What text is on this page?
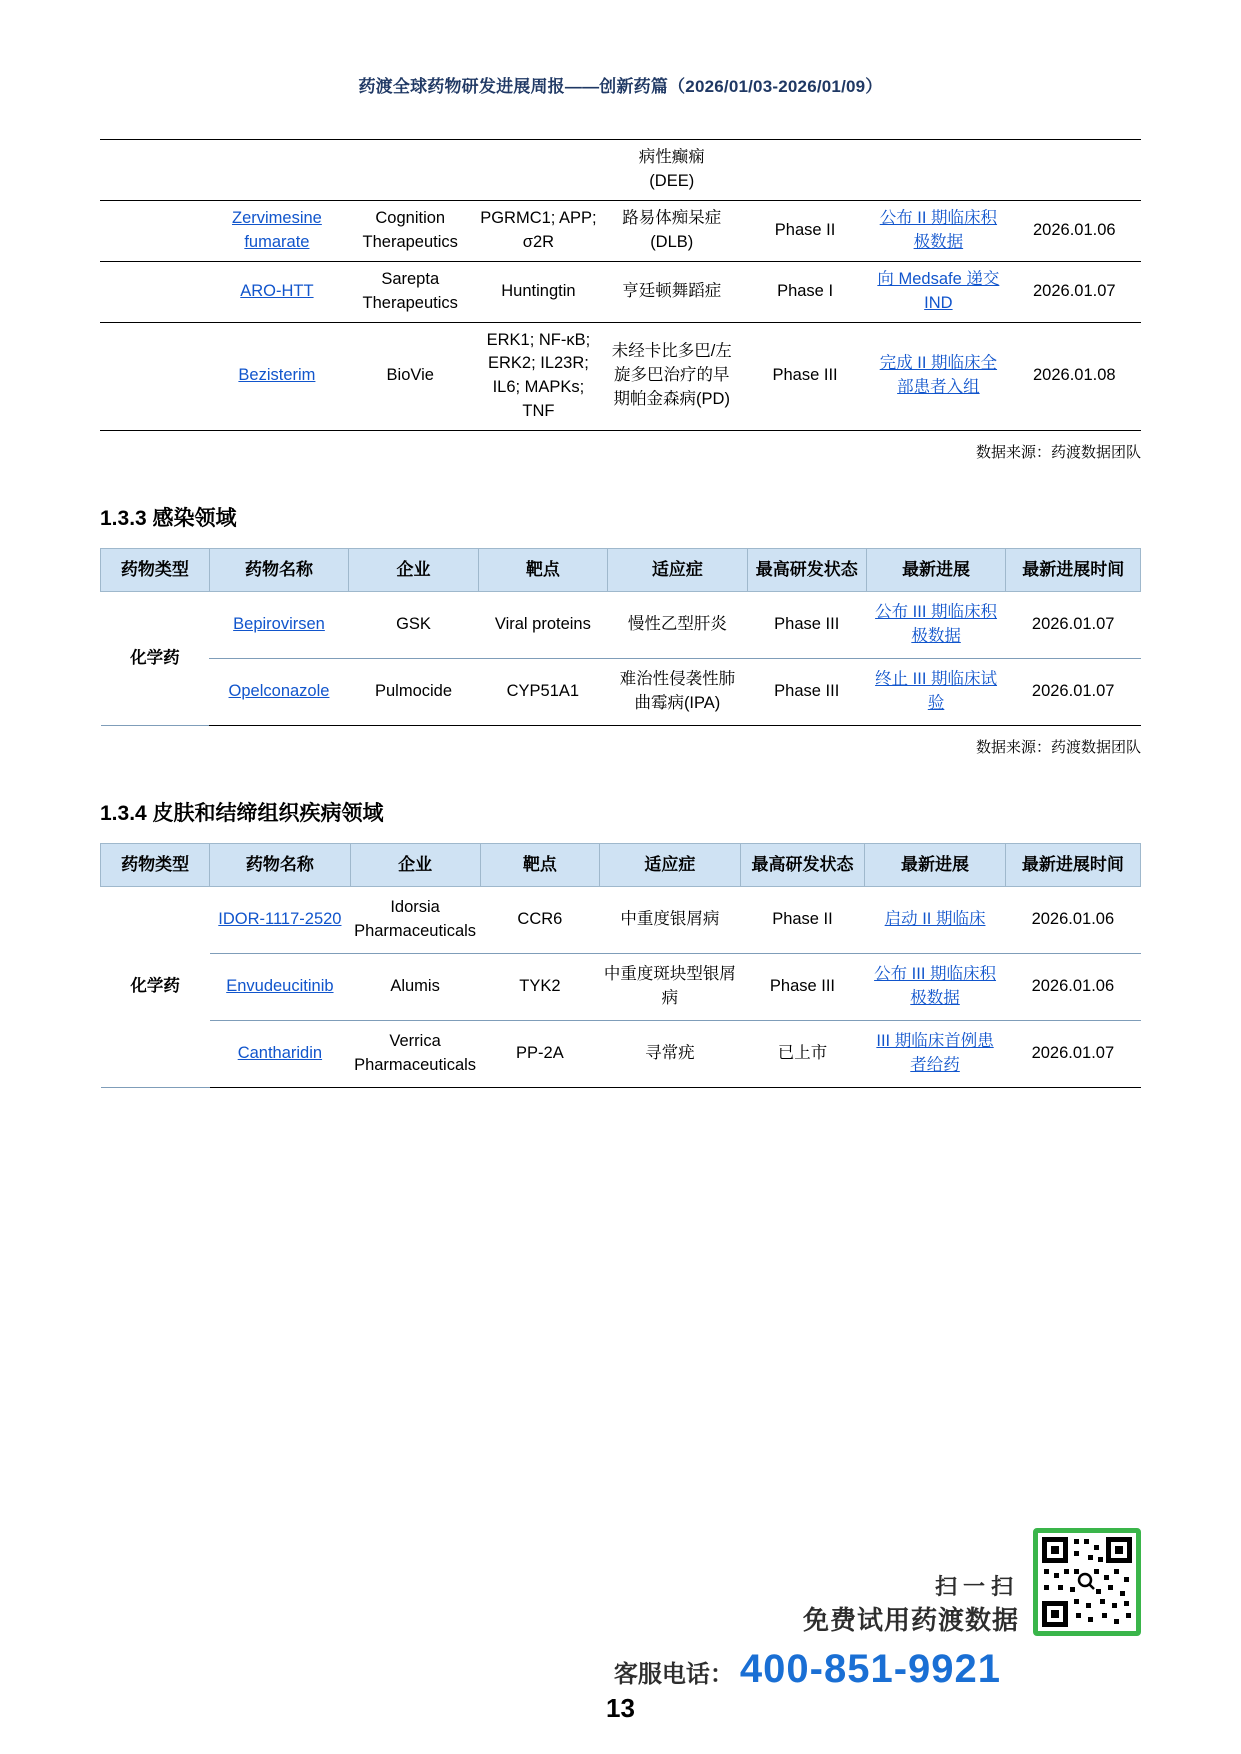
药渡全球药物研发进展周报——创新药篇（2026/01/03-2026/01/09）

				病性癫痫
(DEE)			

	Zervimesine fumarate	Cognition Therapeutics	PGRMC1; APP; σ2R	路易体痴呆症(DLB)	Phase II	公布 II 期临床积极数据	2026.01.06
	ARO-HTT	Sarepta Therapeutics	Huntingtin	亨廷顿舞蹈症	Phase I	向 Medsafe 递交 IND	2026.01.07
	Bezisterim	BioVie	ERK1; NF-κB; ERK2; IL23R; IL6; MAPKs; TNF	未经卡比多巴/左旋多巴治疗的早期帕金森病(PD)	Phase III	完成 II 期临床全部患者入组	2026.01.08
数据来源：药渡数据团队
1.3.3 感染领域
药物类型	药物名称	企业	靶点	适应症	最高研发状态	最新进展	最新进展时间
化学药	Bepirovirsen	GSK	Viral proteins	慢性乙型肝炎	Phase III	公布 III 期临床积极数据	2026.01.07
	Opelconazole	Pulmocide	CYP51A1	难治性侵袭性肺曲霉病(IPA)	Phase III	终止 III 期临床试验	2026.01.07
数据来源：药渡数据团队
1.3.4 皮肤和结缔组织疾病领域
药物类型	药物名称	企业	靶点	适应症	最高研发状态	最新进展	最新进展时间
化学药	IDOR-1117-2520	Idorsia Pharmaceuticals	CCR6	中重度银屑病	Phase II	启动 II 期临床	2026.01.06
	Envudeucitinib	Alumis	TYK2	中重度斑块型银屑病	Phase III	公布 III 期临床积极数据	2026.01.06
	Cantharidin	Verrica Pharmaceuticals	PP-2A	寻常疣	已上市	III 期临床首例患者给药	2026.01.07
扫一扫
免费试用药渡数据
客服电话： 400-851-9921
13
